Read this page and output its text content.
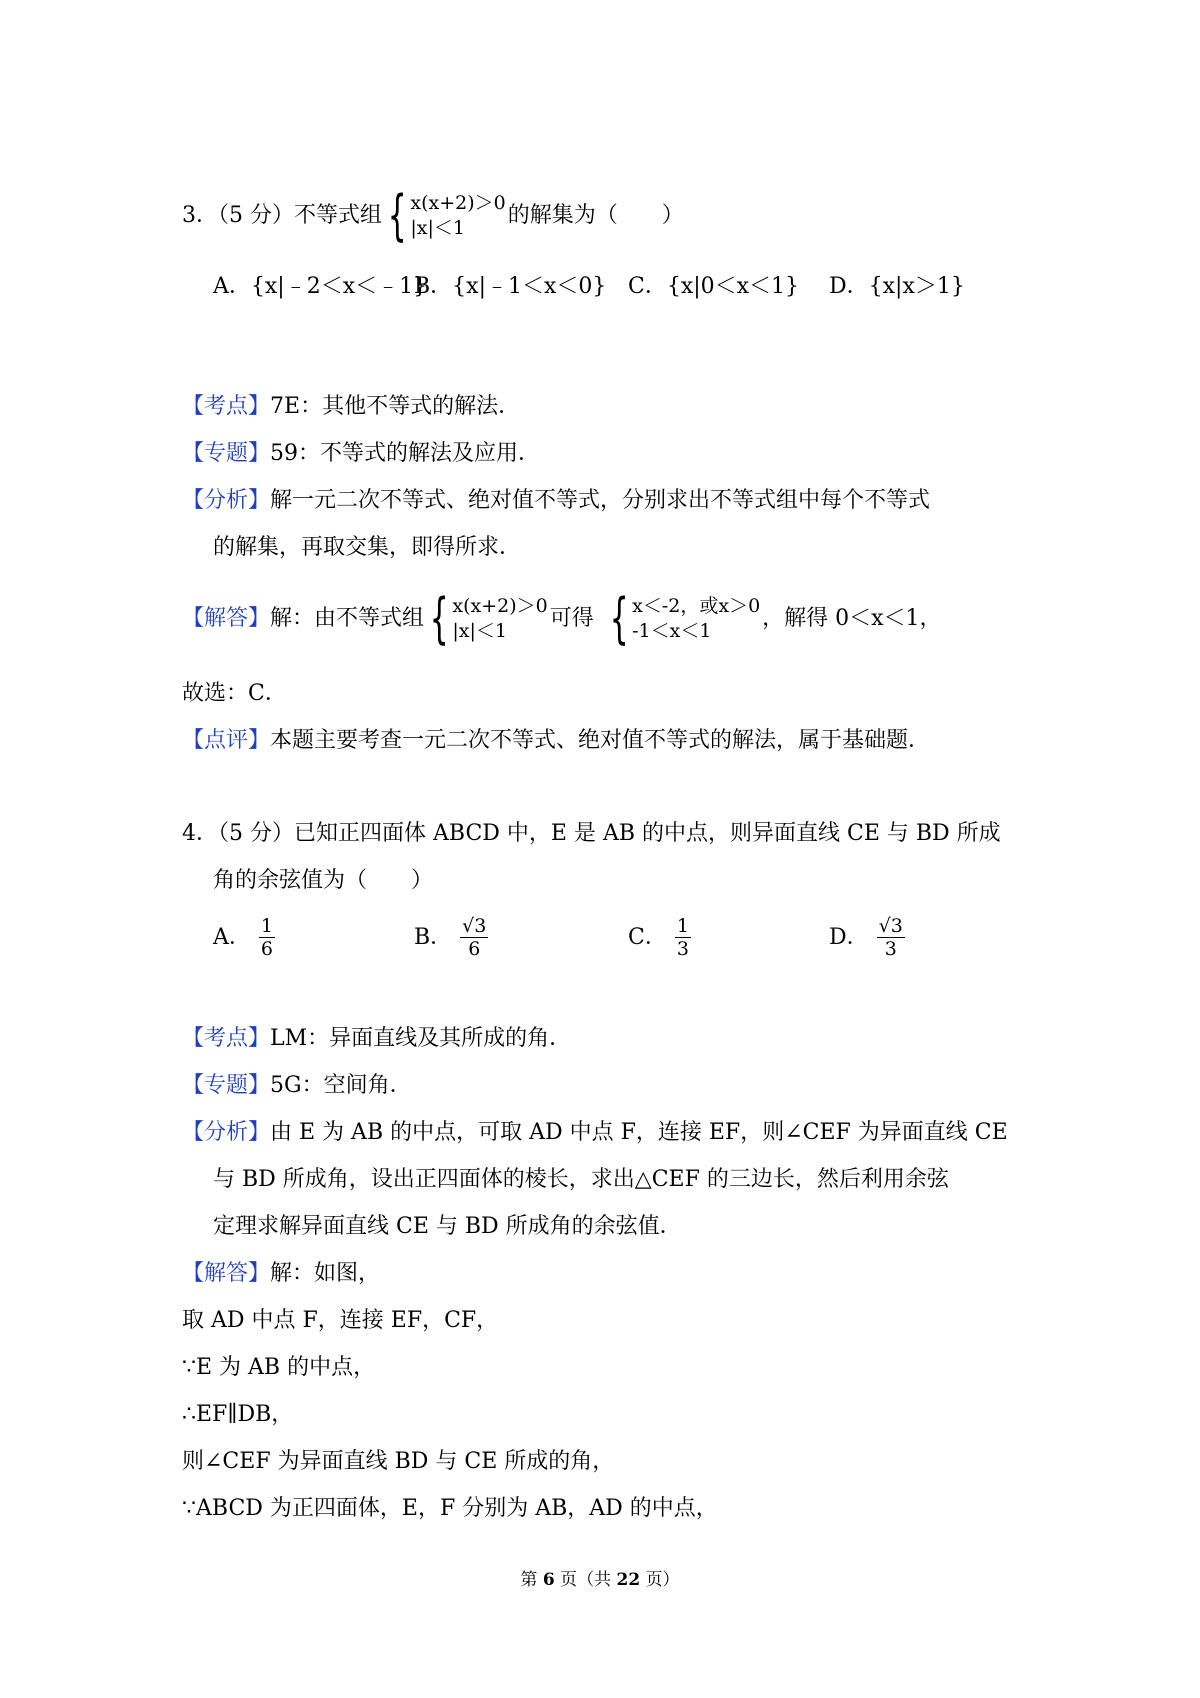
3．（5 分）不等式组 { x(x+2)＞0
|x|＜1	的解集为（　　）
A．{x|﹣2＜x＜﹣1}
B．{x|﹣1＜x＜0} C．{x|0＜x＜1} D．{x|x＞1}
【考点】 7E：其他不等式的解法．
【专题】 59：不等式的解法及应用．
【分析】 解一元二次不等式、绝对值不等式，分别求出不等式组中每个不等式
的解集，再取交集，即得所求．
【解答】 解：由不等式组 { x(x+2)＞0
|x|＜1	可得 { x＜-2，或x＞0
-1＜x＜1	，解得 0＜x＜1，
故选：C．
【点评】 本题主要考查一元二次不等式、绝对值不等式的解法，属于基础题．
4．（5 分）已知正四面体 ABCD 中，E 是 AB 的中点，则异面直线 CE 与 BD 所成
角的余弦值为（　　）
A． $\frac{1}{6}$	B． $\frac{√3}{6}$	C． $\frac{1}{3}$	D． $\frac{√3}{3}$
【考点】 LM：异面直线及其所成的角．
【专题】 5G：空间角．
【分析】 由 E 为 AB 的中点，可取 AD 中点 F，连接 EF，则∠CEF 为异面直线 CE
与 BD 所成角，设出正四面体的棱长，求出△CEF 的三边长，然后利用余弦
定理求解异面直线 CE 与 BD 所成角的余弦值．
【解答】 解：如图，
取 AD 中点 F，连接 EF，CF，
∵E 为 AB 的中点，
∴EF∥DB，
则∠CEF 为异面直线 BD 与 CE 所成的角，
∵ABCD 为正四面体，E，F 分别为 AB，AD 的中点，
第 6 页（共 22 页）
